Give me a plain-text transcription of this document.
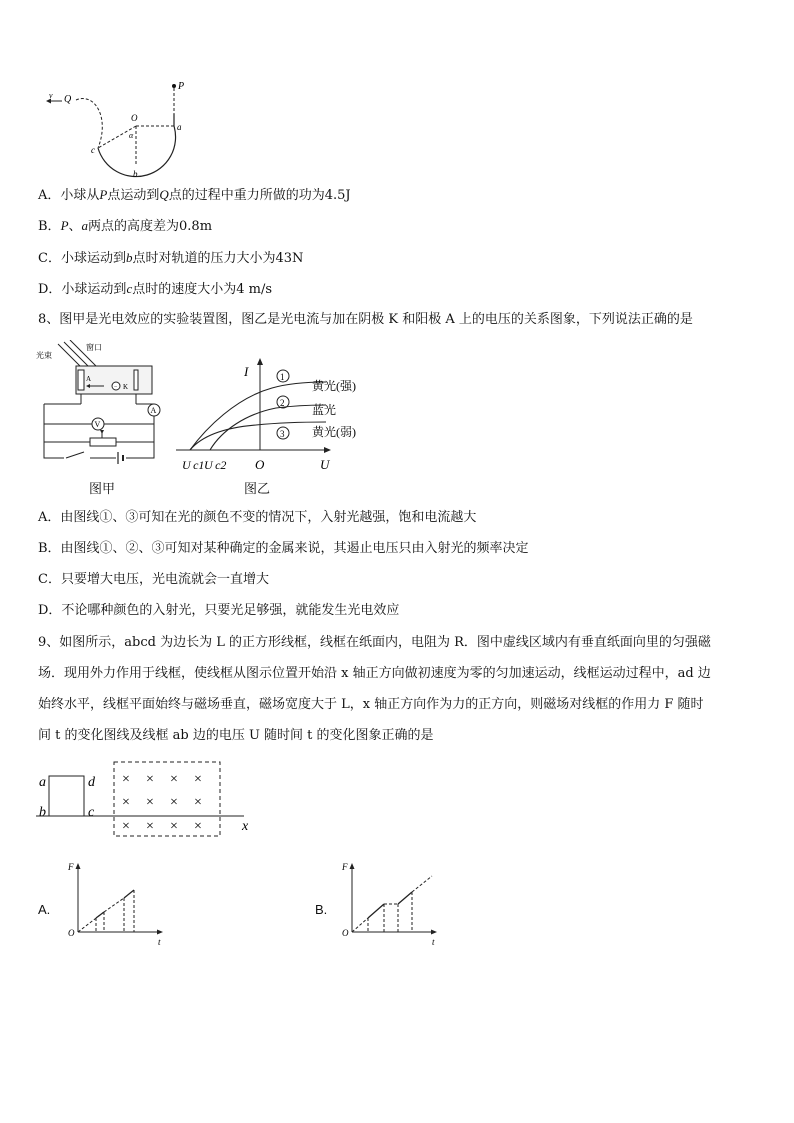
v Q
P
O
α
a
b
c
A．小球从P点运动到Q点的过程中重力所做的功为4.5J
B．P、a两点的高度差为0.8m
C．小球运动到b点时对轨道的压力大小为43N
D．小球运动到c点时的速度大小为4 m/s
8、图甲是光电效应的实验装置图，图乙是光电流与加在阴极 K 和阳极 A 上的电压的关系图象，下列说法正确的是
光束
窗口
A
− K
A
V
图甲
I
U
O
U c1 U c2
1
2
3
黄光(强)
蓝光
黄光(弱)
图乙
A．由图线①、③可知在光的颜色不变的情况下，入射光越强，饱和电流越大
B．由图线①、②、③可知对某种确定的金属来说，其遏止电压只由入射光的频率决定
C．只要增大电压，光电流就会一直增大
D．不论哪种颜色的入射光，只要光足够强，就能发生光电效应
9、如图所示，abcd 为边长为 L 的正方形线框，线框在纸面内，电阻为 R．图中虚线区域内有垂直纸面向里的匀强磁
场．现用外力作用于线框，使线框从图示位置开始沿 x 轴正方向做初速度为零的匀加速运动，线框运动过程中，ad 边
始终水平，线框平面始终与磁场垂直，磁场宽度大于 L，x 轴正方向作为力的正方向，则磁场对线框的作用力 F 随时
间 t 的变化图线及线框 ab 边的电压 U 随时间 t 的变化图象正确的是
a
b	c
d
x
× × × ×
× × × ×
× × × ×
A.
F
t
O
B.
F
t
O
